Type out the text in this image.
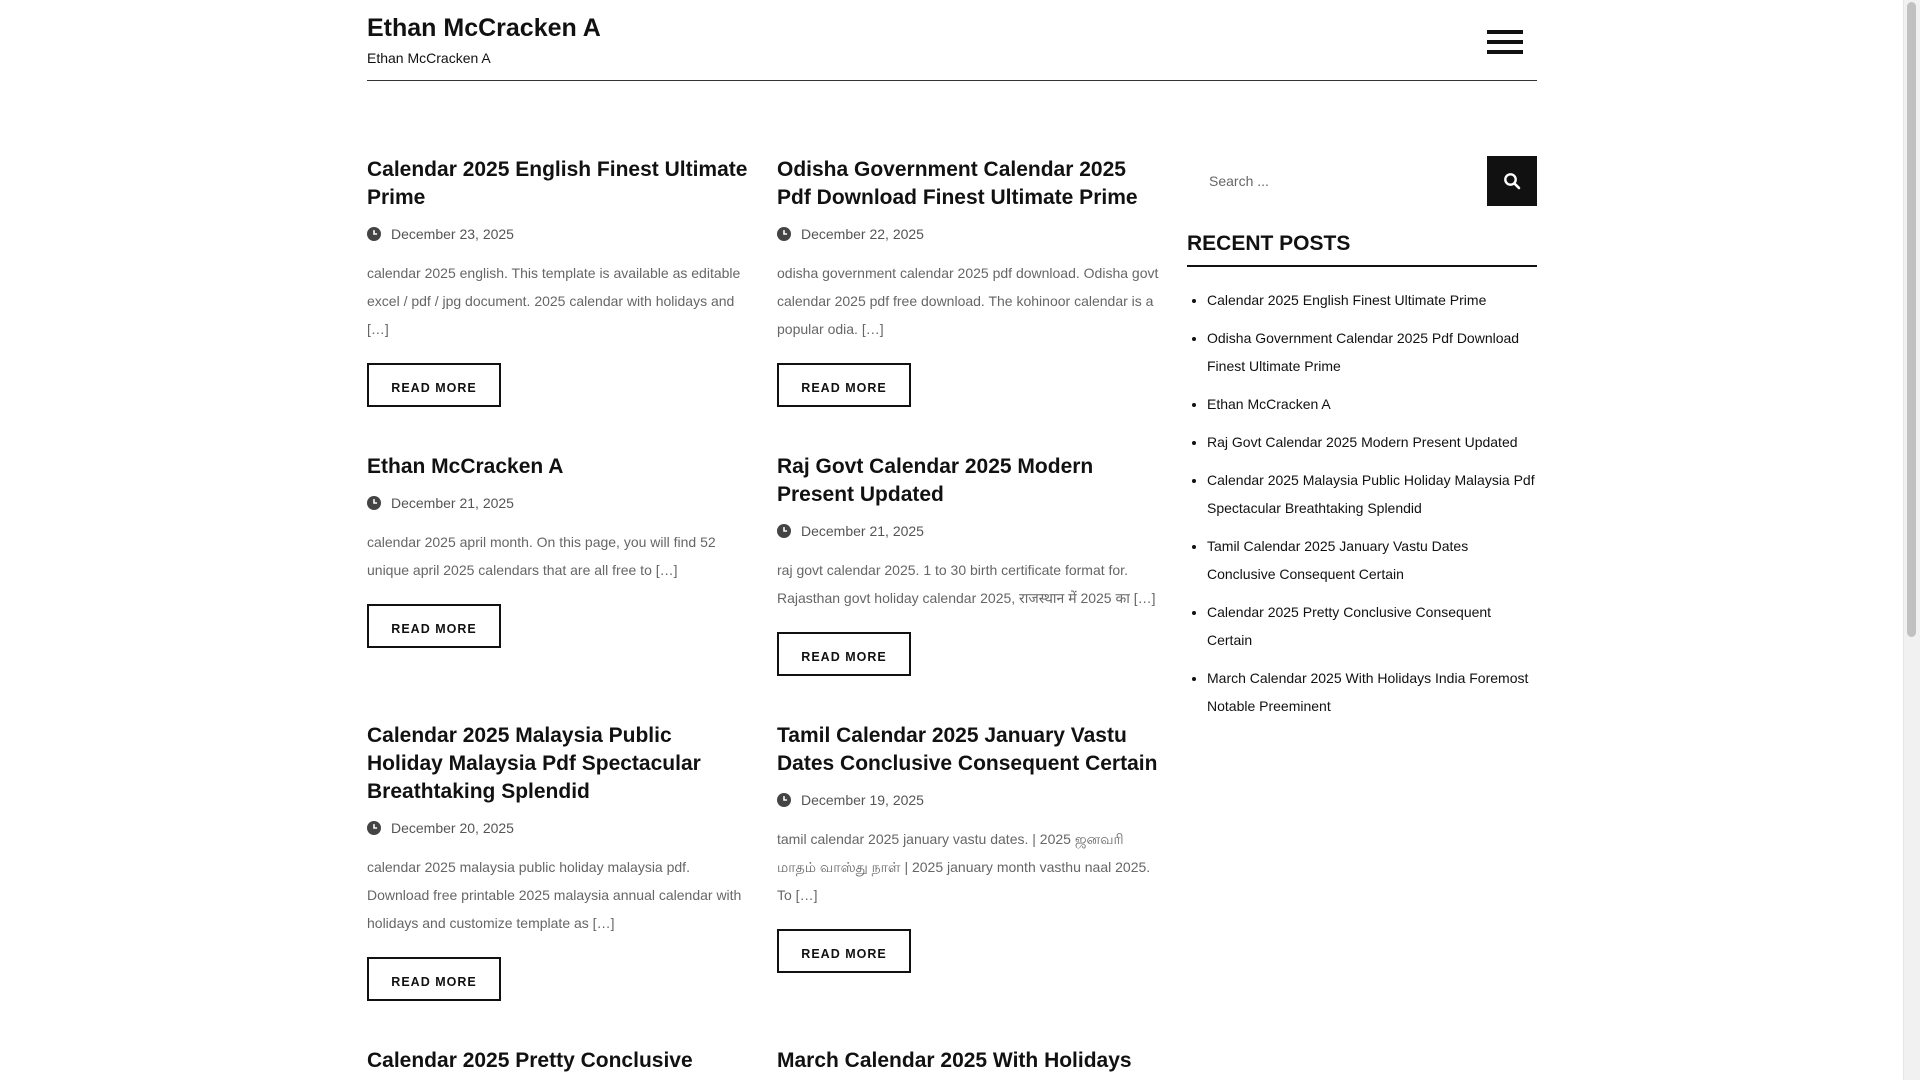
Ethan McCracken A
Ethan McCracken A
Calendar 2025 English Finest Ultimate Prime
December 23, 2025
calendar 2025 english. This template is available as editable excel / pdf / jpg document. 2025 calendar with holidays and […]
READ MORE
Odisha Government Calendar 2025 Pdf Download Finest Ultimate Prime
December 22, 2025
odisha government calendar 2025 pdf download. Odisha govt calendar 2025 pdf free download. The kohinoor calendar is a popular odia. […]
READ MORE
Ethan McCracken A
December 21, 2025
calendar 2025 april month. On this page, you will find 52 unique april 2025 calendars that are all free to […]
READ MORE
Raj Govt Calendar 2025 Modern Present Updated
December 21, 2025
raj govt calendar 2025. 1 to 30 birth certificate format for. Rajasthan govt holiday calendar 2025, राजस्थान में 2025 का […]
READ MORE
Calendar 2025 Malaysia Public Holiday Malaysia Pdf Spectacular Breathtaking Splendid
December 20, 2025
calendar 2025 malaysia public holiday malaysia pdf. Download free printable 2025 malaysia annual calendar with holidays and customize template as […]
READ MORE
Tamil Calendar 2025 January Vastu Dates Conclusive Consequent Certain
December 19, 2025
tamil calendar 2025 january vastu dates. | 2025 ஜனவரி மாதம் வாஸ்து நாள் | 2025 january month vasthu naal 2025. To […]
READ MORE
Calendar 2025 Pretty Conclusive	March Calendar 2025 With Holidays
Search ...
RECENT POSTS
• Calendar 2025 English Finest Ultimate Prime
• Odisha Government Calendar 2025 Pdf Download Finest Ultimate Prime
• Ethan McCracken A
• Raj Govt Calendar 2025 Modern Present Updated
• Calendar 2025 Malaysia Public Holiday Malaysia Pdf Spectacular Breathtaking Splendid
• Tamil Calendar 2025 January Vastu Dates Conclusive Consequent Certain
• Calendar 2025 Pretty Conclusive Consequent Certain
• March Calendar 2025 With Holidays India Foremost Notable Preeminent
